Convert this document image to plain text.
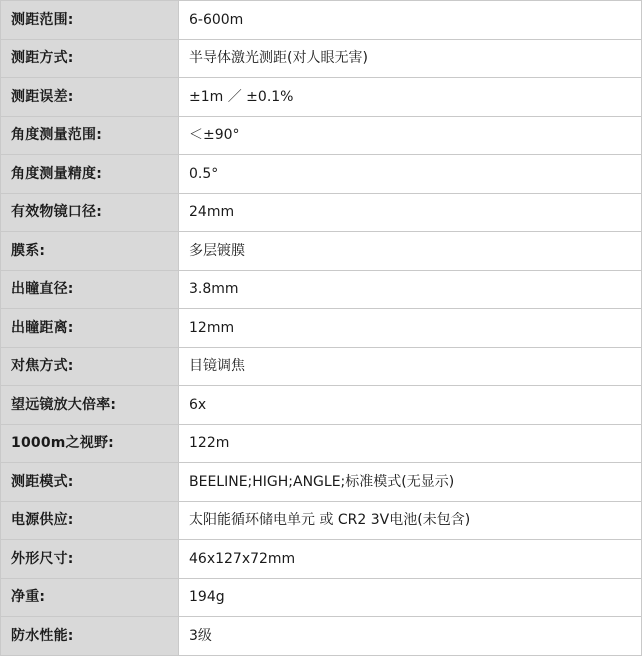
测距范围:	6-600m
测距方式:	半导体激光测距(对人眼无害)
测距误差:	±1m ／ ±0.1%
角度测量范围:	＜±90°
角度测量精度:	0.5°
有效物镜口径:	24mm
膜系:	多层镀膜
出瞳直径:	3.8mm
出瞳距离:	12mm
对焦方式:	目镜调焦
望远镜放大倍率:	6x
1000m之视野:	122m
测距模式:	BEELINE;HIGH;ANGLE;标准模式(无显示)
电源供应:	太阳能循环储电单元 或 CR2 3V电池(未包含)
外形尺寸:	46x127x72mm
净重:	194g
防水性能:	3级
